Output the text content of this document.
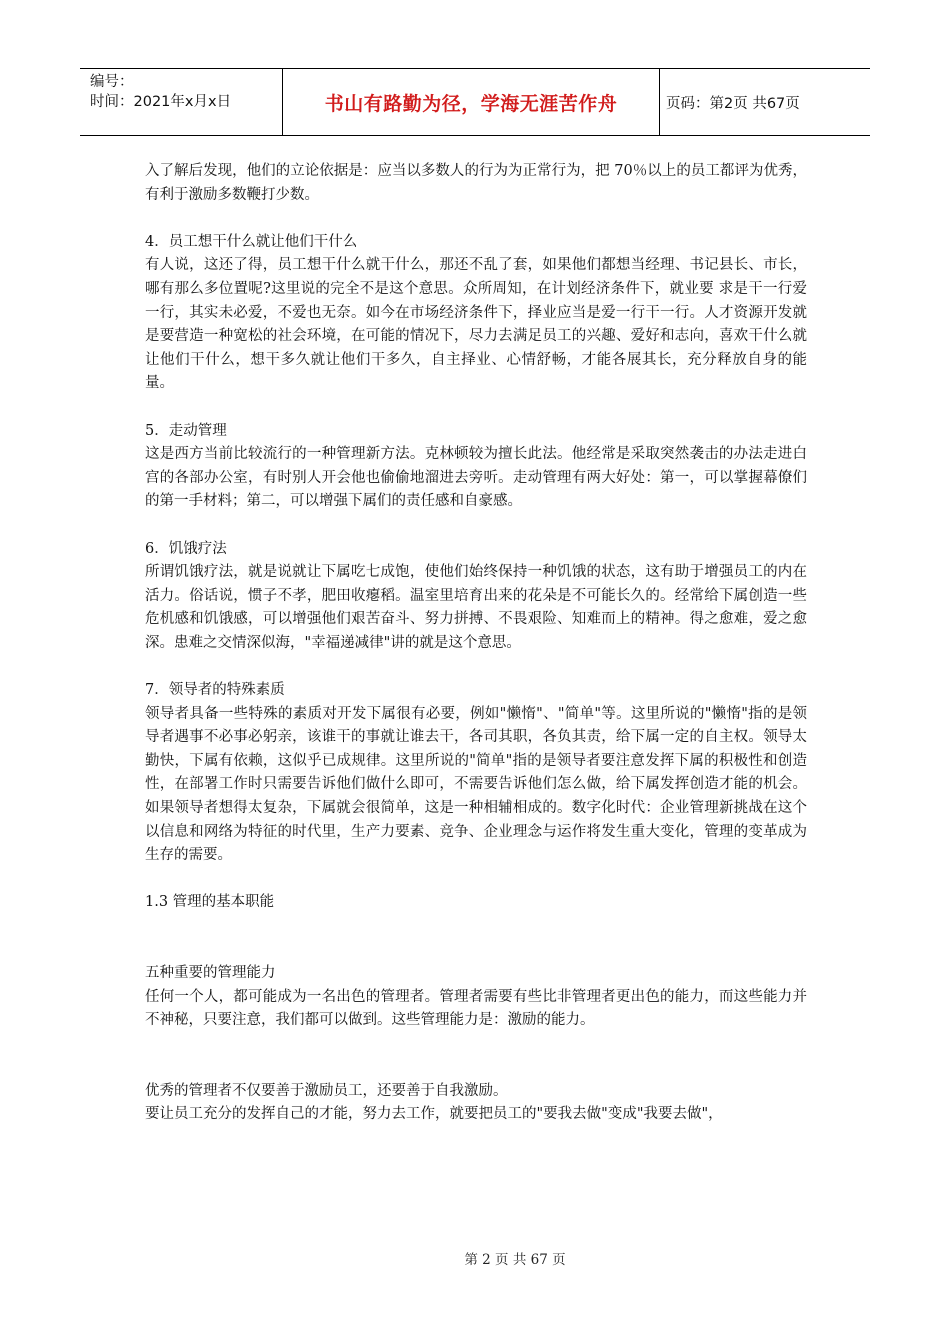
编号：
时间：2021年x月x日	书山有路勤为径，学海无涯苦作舟	页码：第2页 共67页

入了解后发现，他们的立论依据是：应当以多数人的行为为正常行为，把 70％以上的员工都评为优秀，有利于激励多数鞭打少数。

4．员工想干什么就让他们干什么

有人说，这还了得，员工想干什么就干什么，那还不乱了套，如果他们都想当经理、书记县长、市长，哪有那么多位置呢?这里说的完全不是这个意思。众所周知，在计划经济条件下，就业要 求是干一行爱一行，其实未必爱，不爱也无奈。如今在市场经济条件下，择业应当是爱一行干一行。人才资源开发就是要营造一种宽松的社会环境，在可能的情况下，尽力去满足员工的兴趣、爱好和志向，喜欢干什么就让他们干什么，想干多久就让他们干多久，自主择业、心情舒畅，才能各展其长，充分释放自身的能量。

5．走动管理

这是西方当前比较流行的一种管理新方法。克林顿较为擅长此法。他经常是采取突然袭击的办法走进白宫的各部办公室，有时别人开会他也偷偷地溜进去旁听。走动管理有两大好处：第一，可以掌握幕僚们的第一手材料；第二，可以增强下属们的责任感和自豪感。

6．饥饿疗法

所谓饥饿疗法，就是说就让下属吃七成饱，使他们始终保持一种饥饿的状态，这有助于增强员工的内在活力。俗话说，惯子不孝，肥田收瘪稻。温室里培育出来的花朵是不可能长久的。经常给下属创造一些危机感和饥饿感，可以增强他们艰苦奋斗、努力拼搏、不畏艰险、知难而上的精神。得之愈难，爱之愈深。患难之交情深似海，"幸福递减律"讲的就是这个意思。

7．领导者的特殊素质

领导者具备一些特殊的素质对开发下属很有必要，例如"懒惰"、"简单"等。这里所说的"懒惰"指的是领导者遇事不必事必躬亲，该谁干的事就让谁去干，各司其职，各负其责，给下属一定的自主权。领导太勤快，下属有依赖，这似乎已成规律。这里所说的"简单"指的是领导者要注意发挥下属的积极性和创造性，在部署工作时只需要告诉他们做什么即可，不需要告诉他们怎么做，给下属发挥创造才能的机会。如果领导者想得太复杂，下属就会很简单，这是一种相辅相成的。数字化时代：企业管理新挑战在这个以信息和网络为特征的时代里，生产力要素、竞争、企业理念与运作将发生重大变化，管理的变革成为生存的需要。

1.3 管理的基本职能

五种重要的管理能力

任何一个人，都可能成为一名出色的管理者。管理者需要有些比非管理者更出色的能力，而这些能力并不神秘，只要注意，我们都可以做到。这些管理能力是：激励的能力。

优秀的管理者不仅要善于激励员工，还要善于自我激励。

要让员工充分的发挥自己的才能，努力去工作，就要把员工的"要我去做"变成"我要去做"，

第 2 页 共 67 页
